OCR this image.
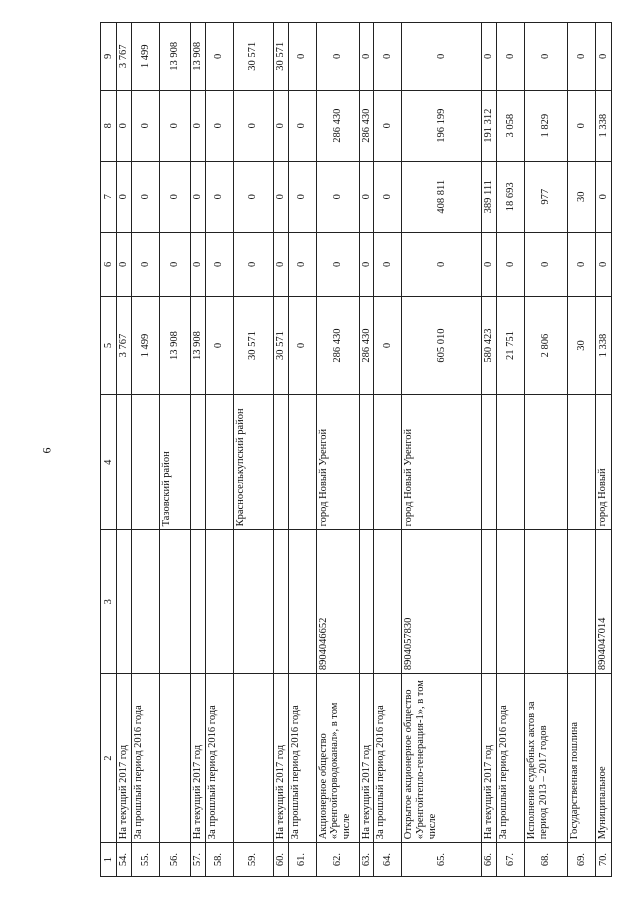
6
1	2	3	4	5	6	7	8	9
54.	На текущий 2017 год			3 767	0	0	0	3 767
55.	За прошлый период 2016 года			1 499	0	0	0	1 499
56.			Тазовский район	13 908	0	0	0	13 908
57.	На текущий 2017 год			13 908	0	0	0	13 908
58.	За прошлый период 2016 года			0	0	0	0	0
59.			Красноселькупский район	30 571	0	0	0	30 571
60.	На текущий 2017 год			30 571	0	0	0	30 571
61.	За прошлый период 2016 года			0	0	0	0	0
62.	Акционерное общество «Уренгойгорводоканал», в том числе	8904046652	город Новый Уренгой	286 430	0	0	286 430	0
63.	На текущий 2017 год			286 430	0	0	286 430	0
64.	За прошлый период 2016 года			0	0	0	0	0
65.	Открытое акционерное общество «Уренгойтепло-генерация-1», в том числе	8904057830	город Новый Уренгой	605 010	0	408 811	196 199	0
66.	На текущий 2017 год			580 423	0	389 111	191 312	0
67.	За прошлый период 2016 года			21 751	0	18 693	3 058	0
68.	Исполнение судебных актов за период 2013 – 2017 годов			2 806	0	977	1 829	0
69.	Государственная пошлина			30	0	30	0	0
70.	Муниципальное	8904047014	город Новый	1 338	0	0	1 338	0
